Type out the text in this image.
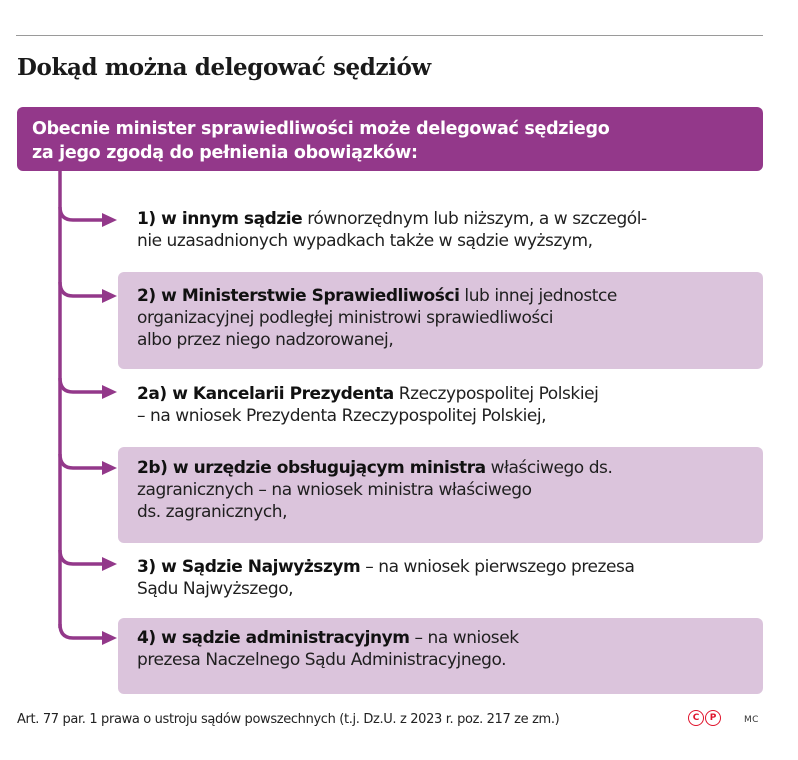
Dokąd można delegować sędziów
Obecnie minister sprawiedliwości może delegować sędziego
za jego zgodą do pełnienia obowiązków:
1) w innym sądzie równorzędnym lub niższym, a w szczegól-
nie uzasadnionych wypadkach także w sądzie wyższym,
2) w Ministerstwie Sprawiedliwości lub innej jednostce
organizacyjnej podległej ministrowi sprawiedliwości
albo przez niego nadzorowanej,
2a) w Kancelarii Prezydenta Rzeczypospolitej Polskiej
– na wniosek Prezydenta Rzeczypospolitej Polskiej,
2b) w urzędzie obsługującym ministra właściwego ds.
zagranicznych – na wniosek ministra właściwego
ds. zagranicznych,
3) w Sądzie Najwyższym – na wniosek pierwszego prezesa
Sądu Najwyższego,
4) w sądzie administracyjnym – na wniosek
prezesa Naczelnego Sądu Administracyjnego.
Art. 77 par. 1 prawa o ustroju sądów powszechnych (t.j. Dz.U. z 2023 r. poz. 217 ze zm.)	C	P	MC
